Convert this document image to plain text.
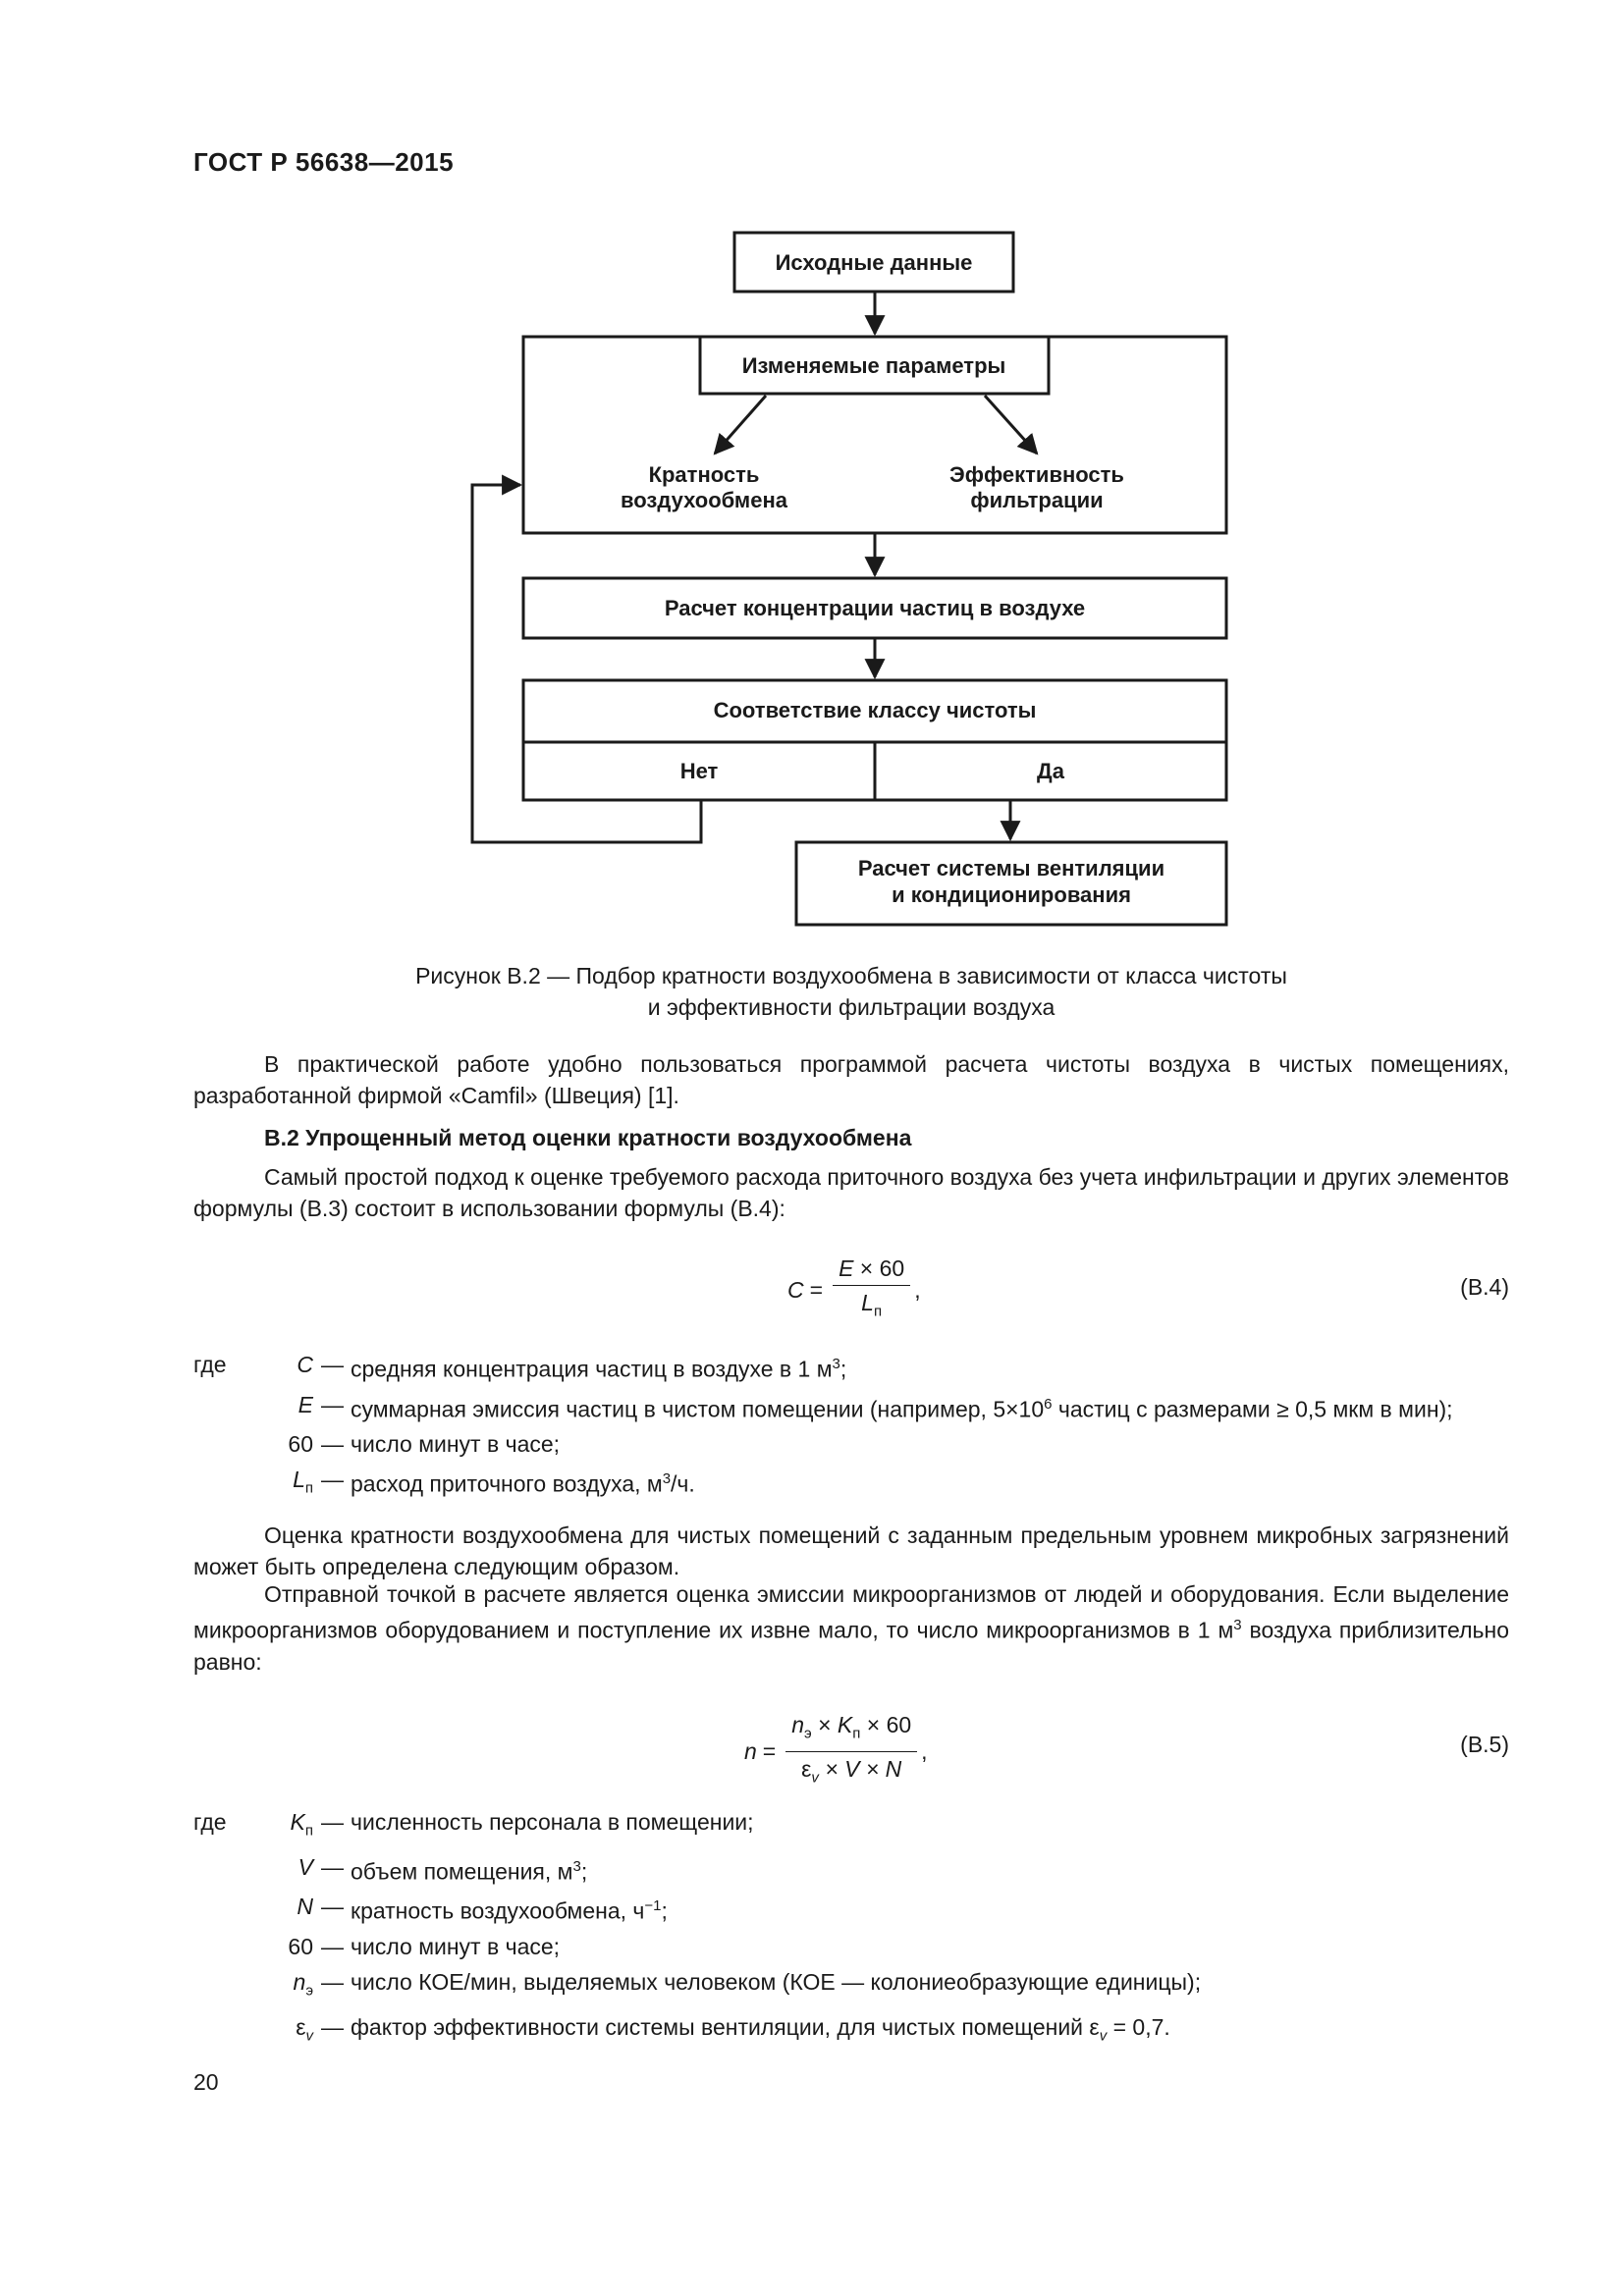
ГОСТ Р 56638—2015
Исходные данные
Изменяемые параметры
Кратность
воздухообмена
Эффективность
фильтрации
Расчет концентрации частиц в воздухе
Соответствие классу чистоты
Нет	Да
Расчет системы вентиляции
и кондиционирования
Рисунок В.2 — Подбор кратности воздухообмена в зависимости от класса чистоты
и эффективности фильтрации воздуха
В практической работе удобно пользоваться программой расчета чистоты воздуха в чистых помещениях, разработанной фирмой «Camfil» (Швеция) [1].
В.2 Упрощенный метод оценки кратности воздухообмена
Самый простой подход к оценке требуемого расхода приточного воздуха без учета инфильтрации и других элементов формулы (В.3) состоит в использовании формулы (В.4):
$C = \frac{E \times 60}{L_п}$ ,	(В.4)
где	C — средняя концентрация частиц в воздухе в 1 $м^3$;
E — суммарная эмиссия частиц в чистом помещении (например, $5\times 10^6$ частиц с размерами ≥ 0,5 мкм в мин);
60 — число минут в часе;
$L_п$ — расход приточного воздуха, $м^3/ч$.
Оценка кратности воздухообмена для чистых помещений с заданным предельным уровнем микробных загрязнений может быть определена следующим образом.
Отправной точкой в расчете является оценка эмиссии микроорганизмов от людей и оборудования. Если выделение микроорганизмов оборудованием и поступление их извне мало, то число микроорганизмов в 1 $м^3$ воздуха приблизительно равно:
$n = \frac{n_э \times K_п \times 60}{\varepsilon_v \times V \times N}$ ,	(В.5)
где	$K_п$ — численность персонала в помещении;
V — объем помещения, $м^3$;
N — кратность воздухообмена, $ч^{-1}$;
60 — число минут в часе;
$n_э$ — число КОЕ/мин, выделяемых человеком (КОЕ — колониеобразующие единицы);
$\varepsilon_v$ — фактор эффективности системы вентиляции, для чистых помещений $\varepsilon_v = 0,7$.
20
